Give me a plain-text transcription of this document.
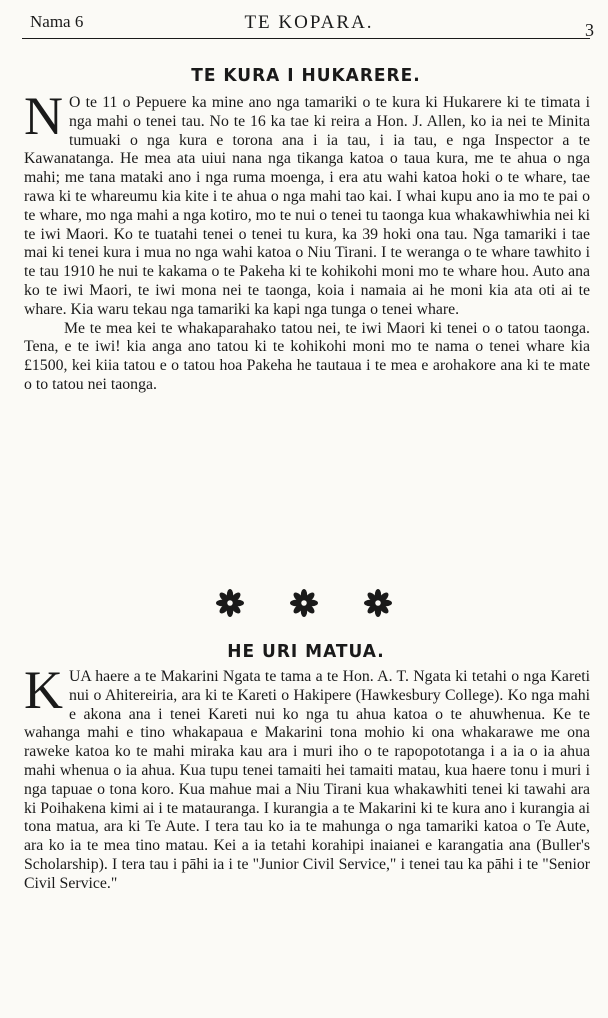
Nama 6	TE KOPARA.	3
TE KURA I HUKARERE.

N O te 11 o Pepuere ka mine ano nga tamariki o te kura ki Hukarere ki te timata i nga mahi o tenei tau. No te 16 ka tae ki reira a Hon. J. Allen, ko ia nei te Minita tumuaki o nga kura e torona ana i ia tau, i ia tau, e nga Inspector a te Kawanatanga. He mea ata uiui nana nga tikanga katoa o taua kura, me te ahua o nga mahi; me tana mataki ano i nga ruma moenga, i era atu wahi katoa hoki o te whare, tae rawa ki te whareumu kia kite i te ahua o nga mahi tao kai. I whai kupu ano ia mo te pai o te whare, mo nga mahi a nga kotiro, mo te nui o tenei tu taonga kua whakawhiwhia nei ki te iwi Maori. Ko te tuatahi tenei o tenei tu kura, ka 39 hoki ona tau. Nga tamariki i tae mai ki tenei kura i mua no nga wahi katoa o Niu Tirani. I te weranga o te whare tawhito i te tau 1910 he nui te kakama o te Pakeha ki te kohikohi moni mo te whare hou. Auto ana ko te iwi Maori, te iwi mona nei te taonga, koia i namaia ai he moni kia ata oti ai te whare. Kia waru tekau nga tamariki ka kapi nga tunga o tenei whare.

Me te mea kei te whakaparahako tatou nei, te iwi Maori ki tenei o o tatou taonga. Tena, e te iwi! kia anga ano tatou ki te kohikohi moni mo te nama o tenei whare kia £1500, kei kiia tatou e o tatou hoa Pakeha he tautaua i te mea e arohakore ana ki te mate o to tatou nei taonga.

HE URI MATUA.

KUA haere a te Makarini Ngata te tama a te Hon. A. T. Ngata ki tetahi o nga Kareti nui o Ahitereiria, ara ki te Kareti o Hakipere (Hawkesbury College). Ko nga mahi e akona ana i tenei Kareti nui ko nga tu ahua katoa o te ahuwhenua. Ke te wahanga mahi e tino whakapaua e Makarini tona mohio ki ona whakarawe me ona raweke katoa ko te mahi miraka kau ara i muri iho o te rapopototanga i a ia o ia ahua mahi whenua o ia ahua. Kua tupu tenei tamaiti hei tamaiti matau, kua haere tonu i muri i nga tapuae o tona koro. Kua mahue mai a Niu Tirani kua whakawhiti tenei ki tawahi ara ki Poihakena kimi ai i te matauranga. I kurangia a te Makarini ki te kura ano i kurangia ai tona matua, ara ki Te Aute. I tera tau ko ia te mahunga o nga tamariki katoa o Te Aute, ara ko ia te mea tino matau. Kei a ia tetahi korahipi inaianei e karangatia ana (Buller's Scholarship). I tera tau i pāhi ia i te "Junior Civil Service," i tenei tau ka pāhi i te "Senior Civil Service."
